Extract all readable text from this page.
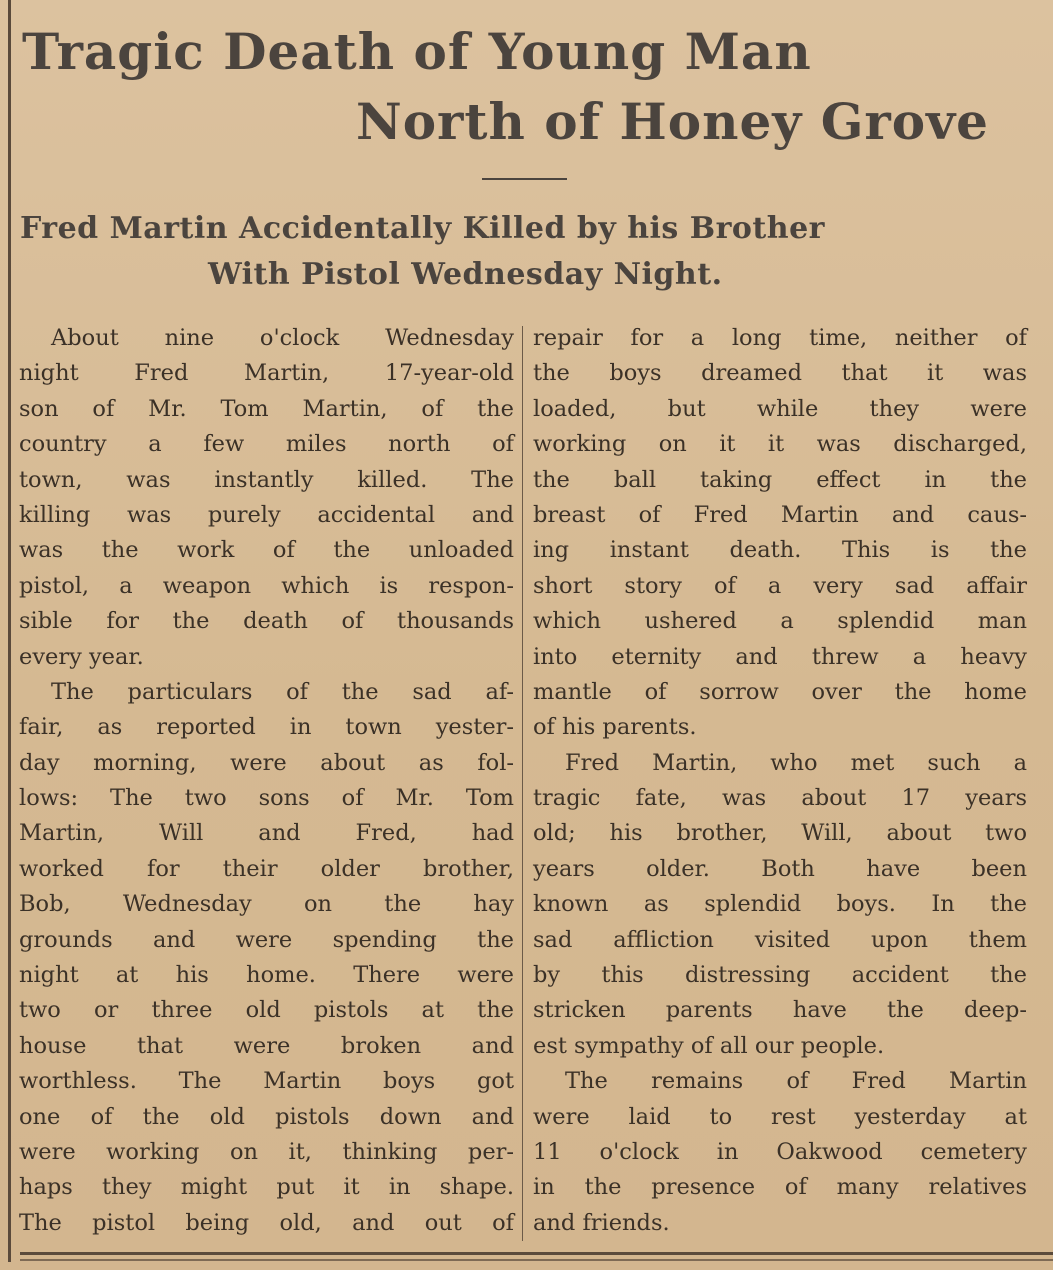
Tragic Death of Young Man
North of Honey Grove
Fred Martin Accidentally Killed by his Brother
With Pistol Wednesday Night.
About nine o'clock Wednesday
night Fred Martin, 17-year-old
son of Mr. Tom Martin, of the
country a few miles north of
town, was instantly killed. The
killing was purely accidental and
was the work of the unloaded
pistol, a weapon which is respon-
sible for the death of thousands
every year.
The particulars of the sad af-
fair, as reported in town yester-
day morning, were about as fol-
lows: The two sons of Mr. Tom
Martin, Will and Fred, had
worked for their older brother,
Bob, Wednesday on the hay
grounds and were spending the
night at his home. There were
two or three old pistols at the
house that were broken and
worthless. The Martin boys got
one of the old pistols down and
were working on it, thinking per-
haps they might put it in shape.
The pistol being old, and out of
repair for a long time, neither of
the boys dreamed that it was
loaded, but while they were
working on it it was discharged,
the ball taking effect in the
breast of Fred Martin and caus-
ing instant death. This is the
short story of a very sad affair
which ushered a splendid man
into eternity and threw a heavy
mantle of sorrow over the home
of his parents.
Fred Martin, who met such a
tragic fate, was about 17 years
old; his brother, Will, about two
years older. Both have been
known as splendid boys. In the
sad affliction visited upon them
by this distressing accident the
stricken parents have the deep-
est sympathy of all our people.
The remains of Fred Martin
were laid to rest yesterday at
11 o'clock in Oakwood cemetery
in the presence of many relatives
and friends.
